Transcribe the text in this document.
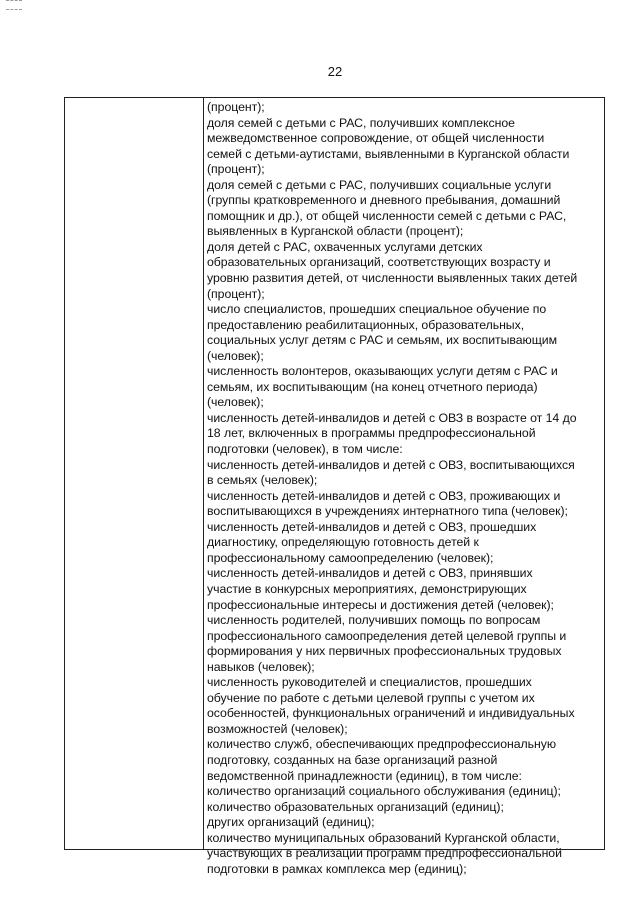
22
(процент);
доля семей с детьми с РАС, получивших комплексное
межведомственное сопровождение, от общей численности
семей с детьми-аутистами, выявленными в Курганской области
(процент);
доля семей с детьми с РАС, получивших социальные услуги
(группы кратковременного и дневного пребывания, домашний
помощник и др.), от общей численности семей с детьми с РАС,
выявленных в Курганской области (процент);
доля детей с РАС, охваченных услугами детских
образовательных организаций, соответствующих возрасту и
уровню развития детей, от численности выявленных таких детей
(процент);
число специалистов, прошедших специальное обучение по
предоставлению реабилитационных, образовательных,
социальных услуг детям с РАС и семьям, их воспитывающим
(человек);
численность волонтеров, оказывающих услуги детям с РАС и
семьям, их воспитывающим (на конец отчетного периода)
(человек);
численность детей-инвалидов и детей с ОВЗ в возрасте от 14 до
18 лет, включенных в программы предпрофессиональной
подготовки (человек), в том числе:
численность детей-инвалидов и детей с ОВЗ, воспитывающихся
в семьях (человек);
численность детей-инвалидов и детей с ОВЗ, проживающих и
воспитывающихся в учреждениях интернатного типа (человек);
численность детей-инвалидов и детей с ОВЗ, прошедших
диагностику, определяющую готовность детей к
профессиональному самоопределению (человек);
численность детей-инвалидов и детей с ОВЗ, принявших
участие в конкурсных мероприятиях, демонстрирующих
профессиональные интересы и достижения детей (человек);
численность родителей, получивших помощь по вопросам
профессионального самоопределения детей целевой группы и
формирования у них первичных профессиональных трудовых
навыков (человек);
численность руководителей и специалистов, прошедших
обучение по работе с детьми целевой группы с учетом их
особенностей, функциональных ограничений и индивидуальных
возможностей (человек);
количество служб, обеспечивающих предпрофессиональную
подготовку, созданных на базе организаций разной
ведомственной принадлежности (единиц), в том числе:
количество организаций социального обслуживания (единиц);
количество образовательных организаций (единиц);
других организаций (единиц);
количество муниципальных образований Курганской области,
участвующих в реализации программ предпрофессиональной
подготовки в рамках комплекса мер (единиц);
